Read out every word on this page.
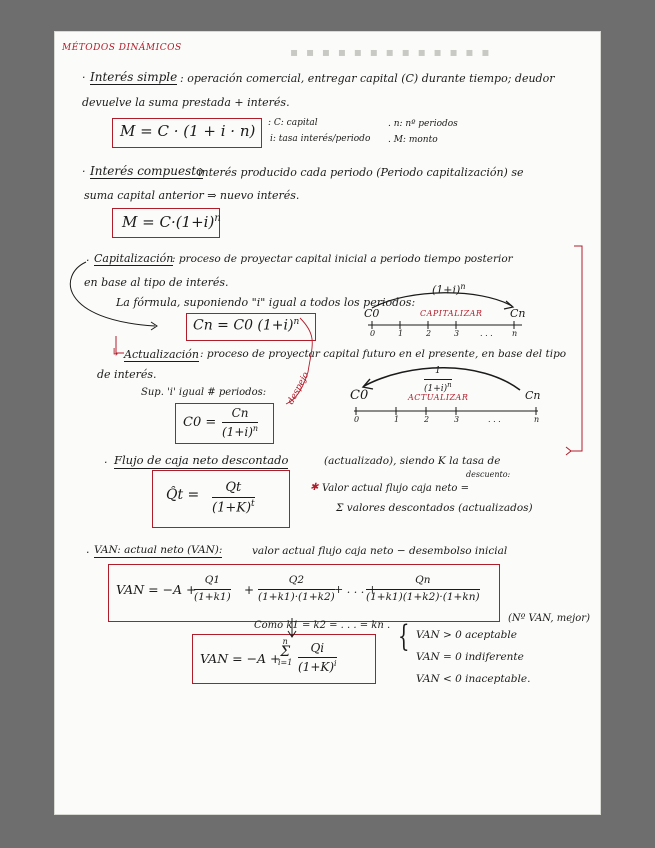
▪ ▪ ▪ ▪ ▪ ▪ ▪ ▪ ▪ ▪ ▪ ▪ ▪
MÉTODOS DINÁMICOS
· Interés simple : operación comercial, entregar capital (C) durante tiempo; deudor
devuelve la suma prestada + interés.
M = C · (1 + i · n) : C: capital
i: tasa interés/periodo
. n: nº periodos
. M: monto
· Interés compuesto
interés producido cada periodo (Periodo capitalización) se
suma capital anterior ⇒ nuevo interés.
$M = C\cdot(1+i)^n$
· Capitalización
: proceso de proyectar capital inicial a periodo tiempo posterior
en base al tipo de interés.
La fórmula, suponiendo "i" igual a todos los periodos:
Cn = C0 $(1+i)^n$
$(1+i)^n$
C0	Cn
CAPITALIZAR
0	1	2	3	. . . n
↳ Actualización : proceso de proyectar capital futuro en el presente, en base del tipo
de interés.
Sup. 'i' igual # periodos:
$C0 = \frac{Cn}{(1+i)^n}$
despejo	$\frac{1}{(1+i)^n}$
C0	Cn
ACTUALIZAR
0	1	2	3	. . .	n
· Flujo de caja neto descontado	(actualizado), siendo K la tasa de
descuento:
Q̂t = $\frac{Qt}{(1+K)^t}$	✱ Valor actual flujo caja neto =
Σ valores descontados (actualizados)
· VAN: actual neto (VAN):	valor actual flujo caja neto − desembolso inicial
VAN = −A +
$\frac{Q1}{(1+k1)} + \frac{Q2}{(1+k1)\cdot(1+k2)}$ + . . . +
$\frac{Qn}{(1+k1)(1+k2)\cdot(1+kn)}$
(Nº VAN, mejor)
Como k1 = k2 = . . . = kn .
VAN = −A +
n
Σ
$i=1 \frac{Qi}{(1+K)^i}$
{ VAN > 0 aceptable
VAN = 0 indiferente
VAN < 0 inaceptable.
